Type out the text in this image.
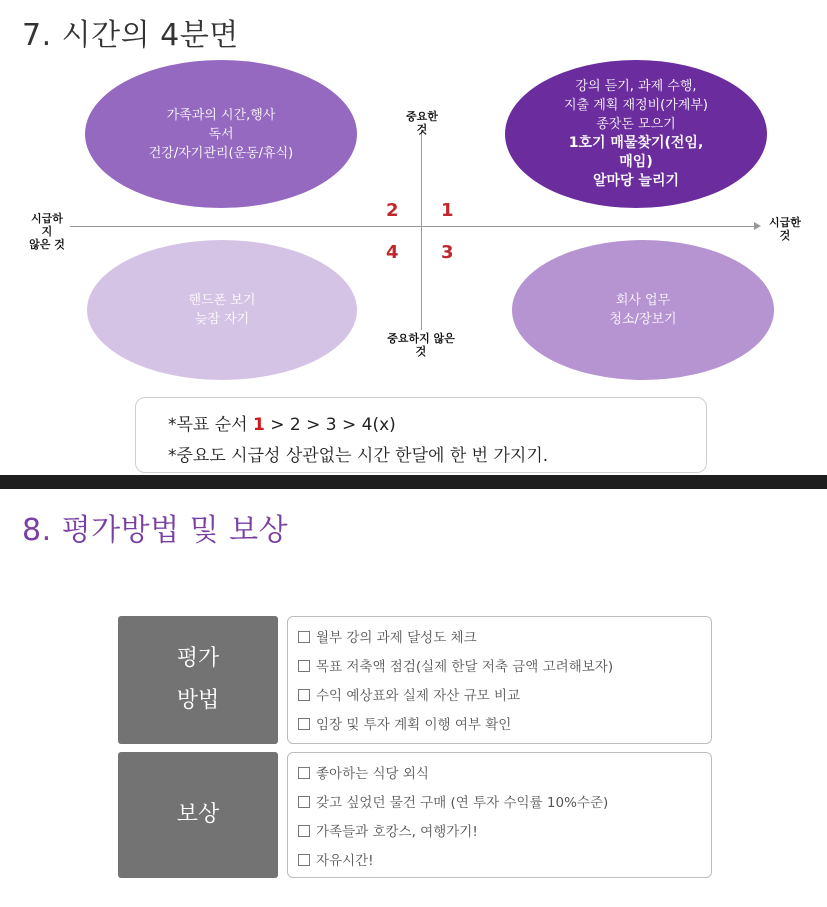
7. 시간의 4분면
가족과의 시간,행사
독서
건강/자기관리(운동/휴식)
강의 듣기, 과제 수행,
지출 계획 재정비(가계부)
종잣돈 모으기
1호기 매물찾기(전임,
매임)
알마당 늘리기
핸드폰 보기
늦잠 자기
회사 업무
청소/장보기
중요한
것
중요하지 않은
것
시급하
지
않은 것
시급한
것
2 1
4 3
*목표 순서 1 > 2 > 3 > 4(x)
*중요도 시급성 상관없는 시간 한달에 한 번 가지기.
8. 평가방법 및 보상
평가
방법
월부 강의 과제 달성도 체크
목표 저축액 점검(실제 한달 저축 금액 고려해보자)
수익 예상표와 실제 자산 규모 비교
임장 및 투자 계획 이행 여부 확인
보상
좋아하는 식당 외식
갖고 싶었던 물건 구매 (연 투자 수익률 10%수준)
가족들과 호캉스, 여행가기!
자유시간!
